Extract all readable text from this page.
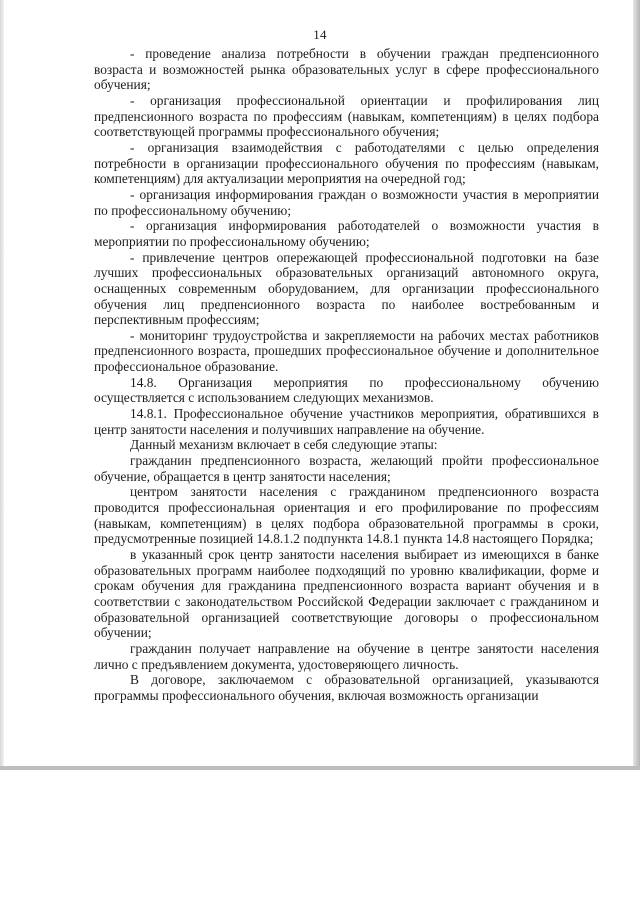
14

- проведение анализа потребности в обучении граждан предпенсионного возраста и возможностей рынка образовательных услуг в сфере профессионального обучения;

- организация профессиональной ориентации и профилирования лиц предпенсионного возраста по профессиям (навыкам, компетенциям) в целях подбора соответствующей программы профессионального обучения;

- организация взаимодействия с работодателями с целью определения потребности в организации профессионального обучения по профессиям (навыкам, компетенциям) для актуализации мероприятия на очередной год;

- организация информирования граждан о возможности участия в мероприятии по профессиональному обучению;

- организация информирования работодателей о возможности участия в мероприятии по профессиональному обучению;

- привлечение центров опережающей профессиональной подготовки на базе лучших профессиональных образовательных организаций автономного округа, оснащенных современным оборудованием, для организации профессионального обучения лиц предпенсионного возраста по наиболее востребованным и перспективным профессиям;

- мониторинг трудоустройства и закрепляемости на рабочих местах работников предпенсионного возраста, прошедших профессиональное обучение и дополнительное профессиональное образование.

14.8. Организация мероприятия по профессиональному обучению осуществляется с использованием следующих механизмов.

14.8.1. Профессиональное обучение участников мероприятия, обратившихся в центр занятости населения и получивших направление на обучение.

Данный механизм включает в себя следующие этапы:

гражданин предпенсионного возраста, желающий пройти профессиональное обучение, обращается в центр занятости населения;

центром занятости населения с гражданином предпенсионного возраста проводится профессиональная ориентация и его профилирование по профессиям (навыкам, компетенциям) в целях подбора образовательной программы в сроки, предусмотренные позицией 14.8.1.2 подпункта 14.8.1 пункта 14.8 настоящего Порядка;

в указанный срок центр занятости населения выбирает из имеющихся в банке образовательных программ наиболее подходящий по уровню квалификации, форме и срокам обучения для гражданина предпенсионного возраста вариант обучения и в соответствии с законодательством Российской Федерации заключает с гражданином и образовательной организацией соответствующие договоры о профессиональном обучении;

гражданин получает направление на обучение в центре занятости населения лично с предъявлением документа, удостоверяющего личность.

В договоре, заключаемом с образовательной организацией, указываются программы профессионального обучения, включая возможность организации
